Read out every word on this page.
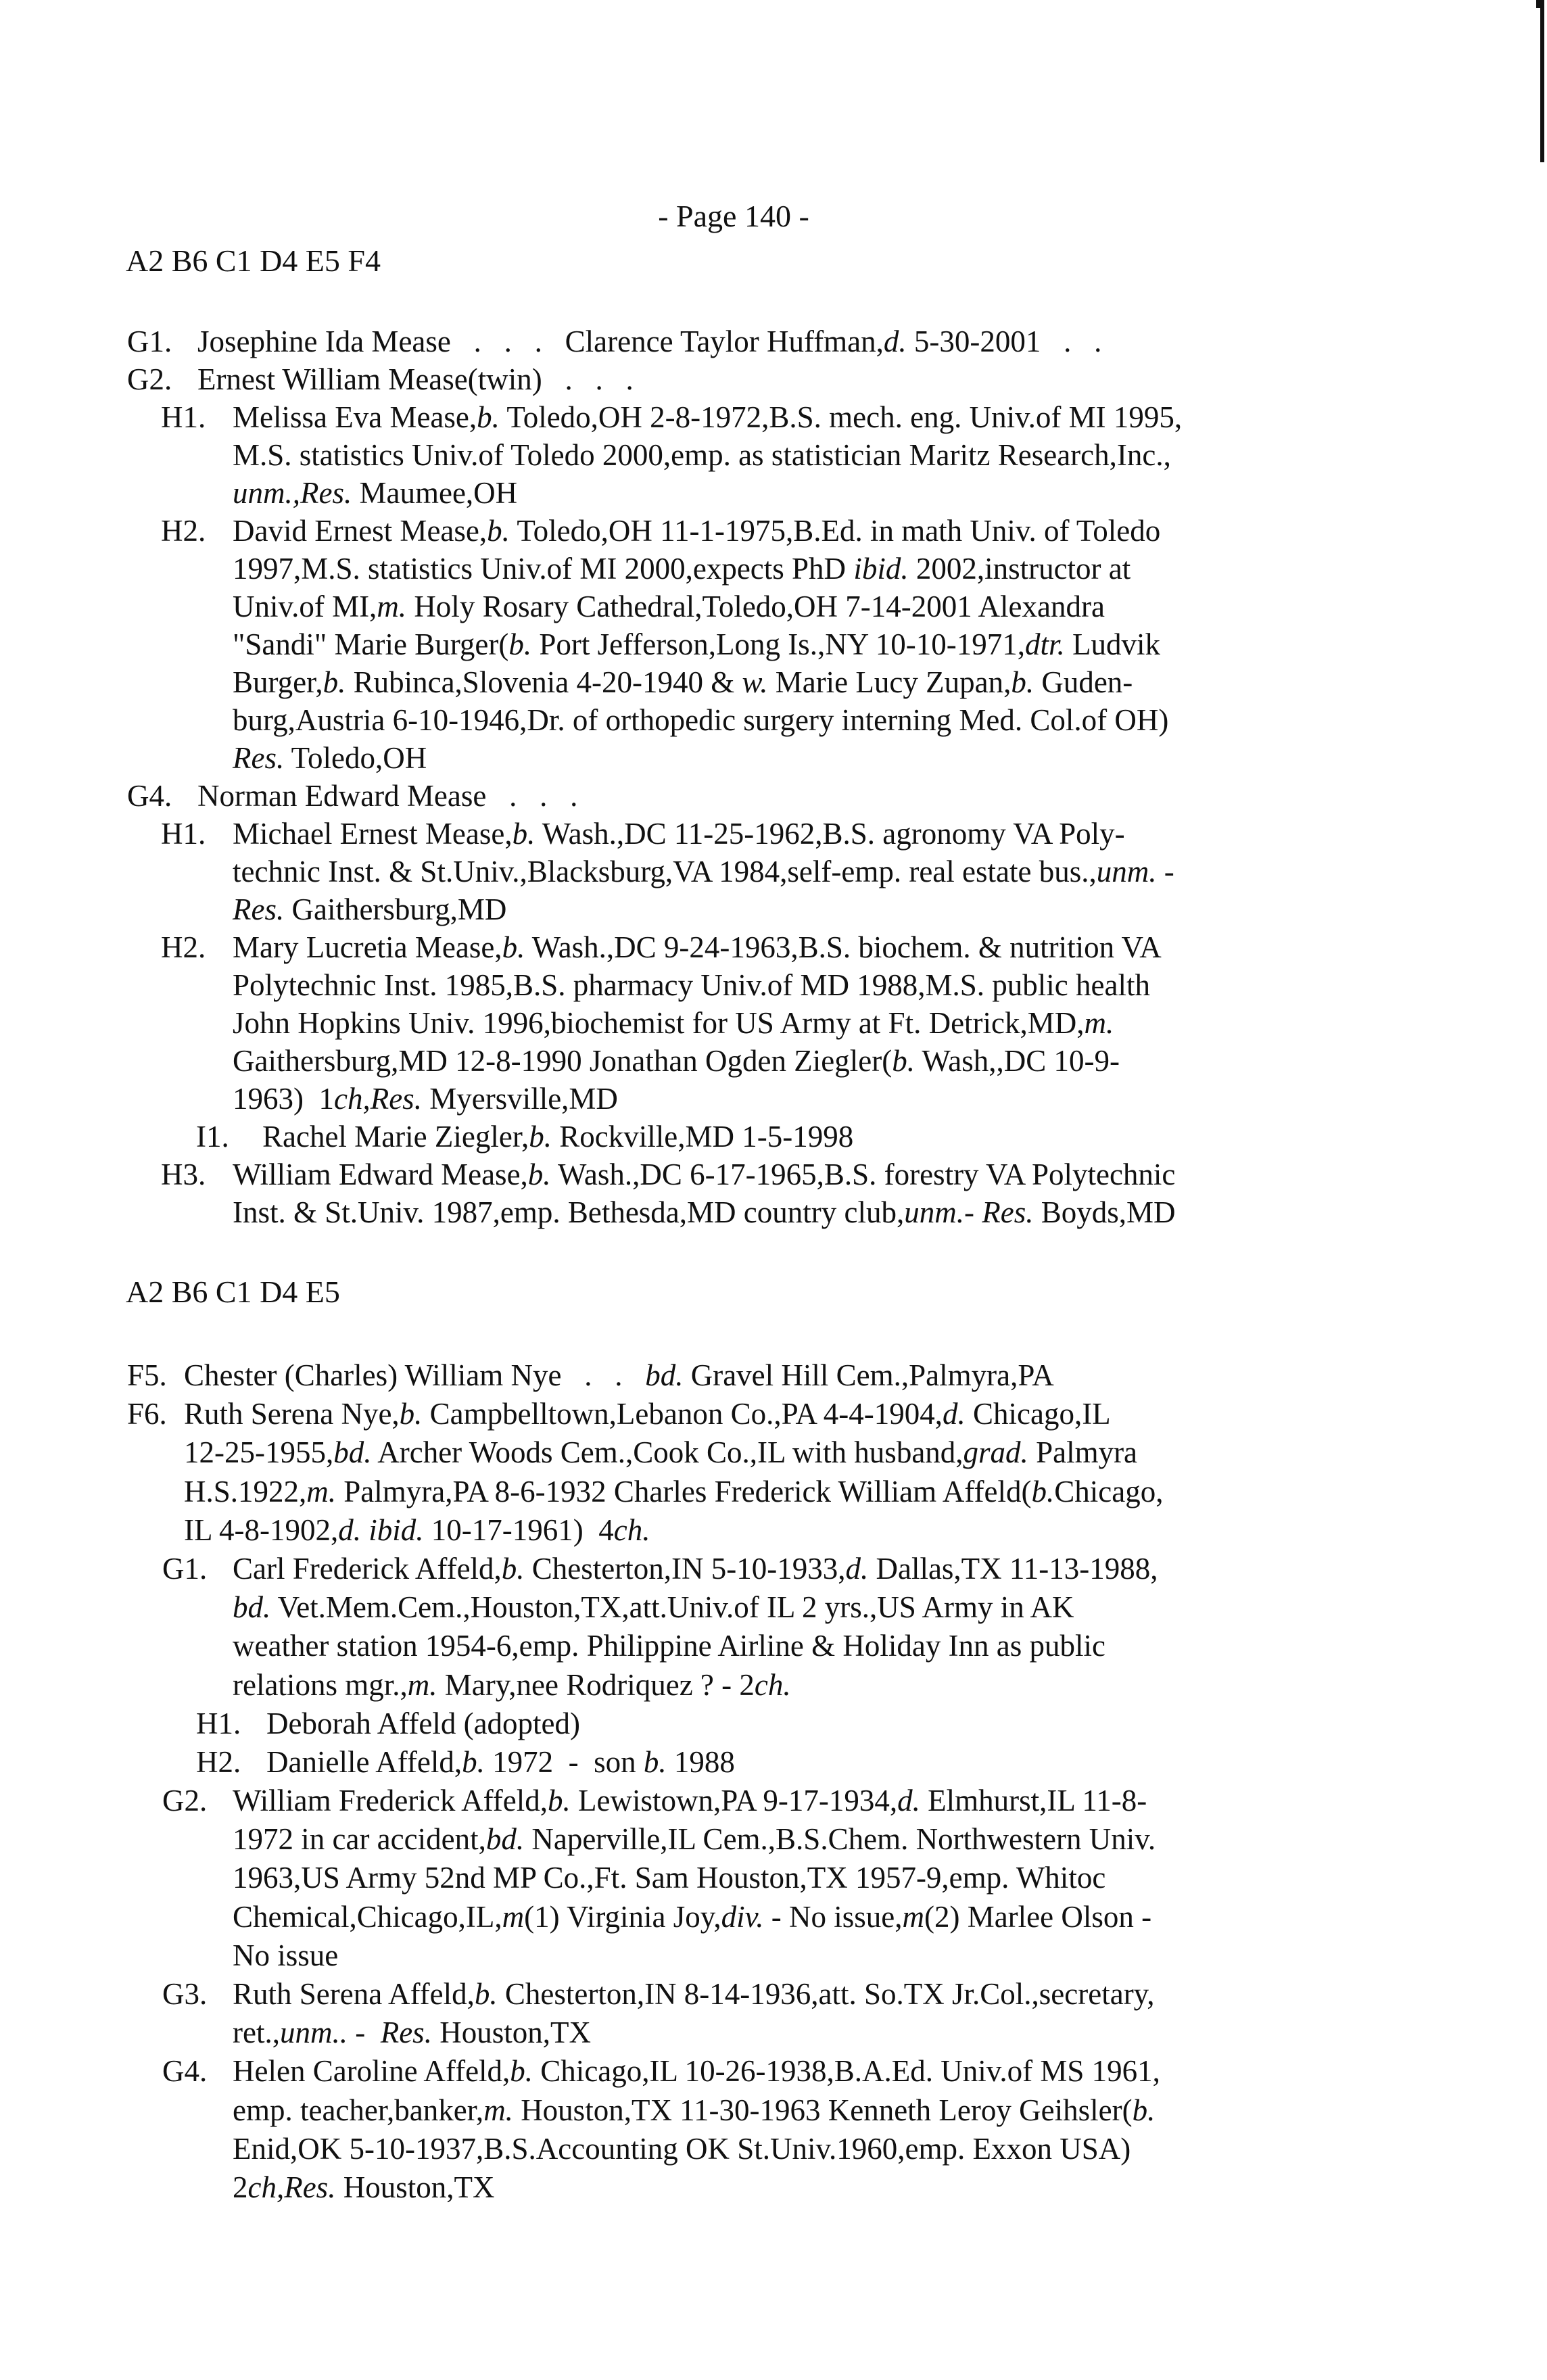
- Page 140 -
A2 B6 C1 D4 E5 F4
G1. Josephine Ida Mease   .   .   .   Clarence Taylor Huffman,d. 5-30-2001   .   .
G2. Ernest William Mease(twin)   .   .   .
H1. Melissa Eva Mease,b. Toledo,OH 2-8-1972,B.S. mech. eng. Univ.of MI 1995,
M.S. statistics Univ.of Toledo 2000,emp. as statistician Maritz Research,Inc.,
unm.,Res. Maumee,OH
H2. David Ernest Mease,b. Toledo,OH 11-1-1975,B.Ed. in math Univ. of Toledo
1997,M.S. statistics Univ.of MI 2000,expects PhD ibid. 2002,instructor at
Univ.of MI,m. Holy Rosary Cathedral,Toledo,OH 7-14-2001 Alexandra
"Sandi" Marie Burger(b. Port Jefferson,Long Is.,NY 10-10-1971,dtr. Ludvik
Burger,b. Rubinca,Slovenia 4-20-1940 & w. Marie Lucy Zupan,b. Guden-
burg,Austria 6-10-1946,Dr. of orthopedic surgery interning Med. Col.of OH)
Res. Toledo,OH
G4. Norman Edward Mease   .   .   .
H1. Michael Ernest Mease,b. Wash.,DC 11-25-1962,B.S. agronomy VA Poly-
technic Inst. & St.Univ.,Blacksburg,VA 1984,self-emp. real estate bus.,unm. -
Res. Gaithersburg,MD
H2. Mary Lucretia Mease,b. Wash.,DC 9-24-1963,B.S. biochem. & nutrition VA
Polytechnic Inst. 1985,B.S. pharmacy Univ.of MD 1988,M.S. public health
John Hopkins Univ. 1996,biochemist for US Army at Ft. Detrick,MD,m.
Gaithersburg,MD 12-8-1990 Jonathan Ogden Ziegler(b. Wash,,DC 10-9-
1963)  1ch,Res. Myersville,MD
I1. Rachel Marie Ziegler,b. Rockville,MD 1-5-1998
H3. William Edward Mease,b. Wash.,DC 6-17-1965,B.S. forestry VA Polytechnic
Inst. & St.Univ. 1987,emp. Bethesda,MD country club,unm.- Res. Boyds,MD
A2 B6 C1 D4 E5
F5. Chester (Charles) William Nye   .   .   bd. Gravel Hill Cem.,Palmyra,PA
F6. Ruth Serena Nye,b. Campbelltown,Lebanon Co.,PA 4-4-1904,d. Chicago,IL
12-25-1955,bd. Archer Woods Cem.,Cook Co.,IL with husband,grad. Palmyra
H.S.1922,m. Palmyra,PA 8-6-1932 Charles Frederick William Affeld(b.Chicago,
IL 4-8-1902,d. ibid. 10-17-1961)  4ch.
G1. Carl Frederick Affeld,b. Chesterton,IN 5-10-1933,d. Dallas,TX 11-13-1988,
bd. Vet.Mem.Cem.,Houston,TX,att.Univ.of IL 2 yrs.,US Army in AK
weather station 1954-6,emp. Philippine Airline & Holiday Inn as public
relations mgr.,m. Mary,nee Rodriquez ? - 2ch.
H1. Deborah Affeld (adopted)
H2. Danielle Affeld,b. 1972  -  son b. 1988
G2. William Frederick Affeld,b. Lewistown,PA 9-17-1934,d. Elmhurst,IL 11-8-
1972 in car accident,bd. Naperville,IL Cem.,B.S.Chem. Northwestern Univ.
1963,US Army 52nd MP Co.,Ft. Sam Houston,TX 1957-9,emp. Whitoc
Chemical,Chicago,IL,m(1) Virginia Joy,div. - No issue,m(2) Marlee Olson -
No issue
G3. Ruth Serena Affeld,b. Chesterton,IN 8-14-1936,att. So.TX Jr.Col.,secretary,
ret.,unm.. -  Res. Houston,TX
G4. Helen Caroline Affeld,b. Chicago,IL 10-26-1938,B.A.Ed. Univ.of MS 1961,
emp. teacher,banker,m. Houston,TX 11-30-1963 Kenneth Leroy Geihsler(b.
Enid,OK 5-10-1937,B.S.Accounting OK St.Univ.1960,emp. Exxon USA)
2ch,Res. Houston,TX
